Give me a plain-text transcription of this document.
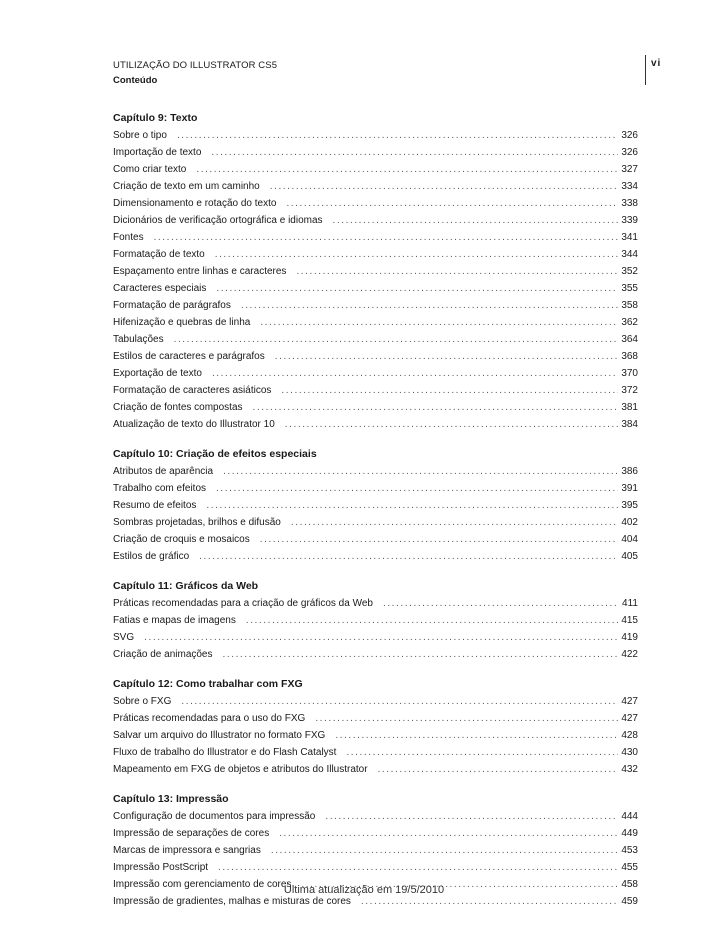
UTILIZAÇÃO DO ILLUSTRATOR CS5
Conteúdo
vi
Capítulo 9: Texto
Sobre o tipo . . .	326
Importação de texto . . .	326
Como criar texto . . .	327
Criação de texto em um caminho . . .	334
Dimensionamento e rotação do texto . . .	338
Dicionários de verificação ortográfica e idiomas . . .	339
Fontes . . .	341
Formatação de texto . . .	344
Espaçamento entre linhas e caracteres . . .	352
Caracteres especiais . . .	355
Formatação de parágrafos . . .	358
Hifenização e quebras de linha . . .	362
Tabulações . . .	364
Estilos de caracteres e parágrafos . . .	368
Exportação de texto . . .	370
Formatação de caracteres asiáticos . . .	372
Criação de fontes compostas . . .	381
Atualização de texto do Illustrator 10 . . .	384
Capítulo 10: Criação de efeitos especiais
Atributos de aparência . . .	386
Trabalho com efeitos . . .	391
Resumo de efeitos . . .	395
Sombras projetadas, brilhos e difusão . . .	402
Criação de croquis e mosaicos . . .	404
Estilos de gráfico . . .	405
Capítulo 11: Gráficos da Web
Práticas recomendadas para a criação de gráficos da Web . . .	411
Fatias e mapas de imagens . . .	415
SVG . . .	419
Criação de animações . . .	422
Capítulo 12: Como trabalhar com FXG
Sobre o FXG . . .	427
Práticas recomendadas para o uso do FXG . . .	427
Salvar um arquivo do Illustrator no formato FXG . . .	428
Fluxo de trabalho do Illustrator e do Flash Catalyst . . .	430
Mapeamento em FXG de objetos e atributos do Illustrator . . .	432
Capítulo 13: Impressão
Configuração de documentos para impressão . . .	444
Impressão de separações de cores . . .	449
Marcas de impressora e sangrias . . .	453
Impressão PostScript . . .	455
Impressão com gerenciamento de cores . . .	458
Impressão de gradientes, malhas e misturas de cores . . .	459
Última atualização em 19/5/2010
